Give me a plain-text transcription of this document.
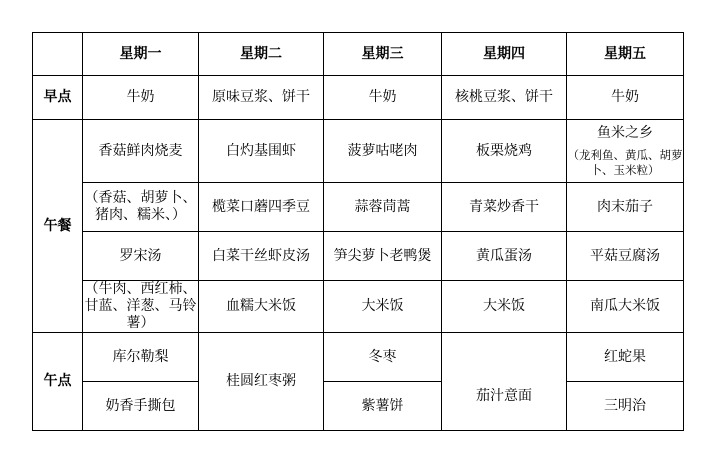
	星期一	星期二	星期三	星期四	星期五
早点	牛奶	原味豆浆、饼干	牛奶	核桃豆浆、饼干	牛奶
午餐	香菇鲜肉烧麦	白灼基围虾	菠萝咕咾肉	板栗烧鸡	鱼米之乡
（龙利鱼、黄瓜、胡萝卜、玉米粒）

	（香菇、胡萝卜、猪肉、糯米、）	榄菜口蘑四季豆	蒜蓉茼蒿	青菜炒香干	肉末茄子
	罗宋汤	白菜干丝虾皮汤	笋尖萝卜老鸭煲	黄瓜蛋汤	平菇豆腐汤
	（牛肉、西红柿、甘蓝、洋葱、马铃薯）	血糯大米饭	大米饭	大米饭	南瓜大米饭
午点	库尔勒梨	桂圆红枣粥	冬枣	茄汁意面	红蛇果
	奶香手撕包		紫薯饼		三明治
